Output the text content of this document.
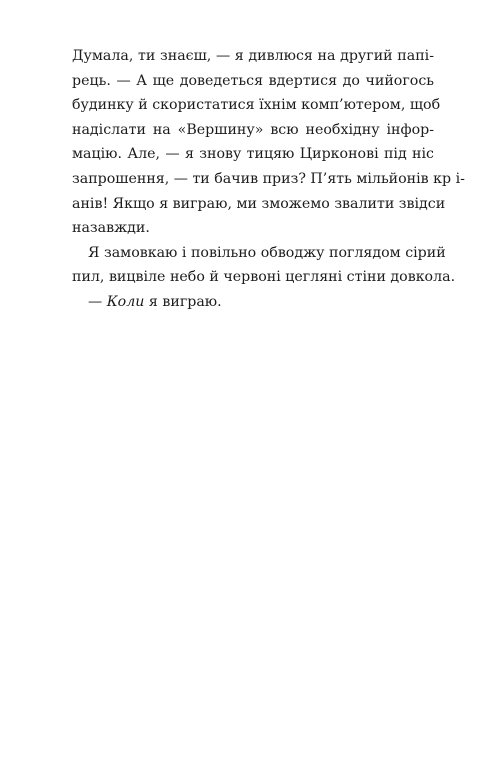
Думала, ти знаєш, — я дивлюся на другий папі-
рець. — А ще доведеться вдертися до чийогось
будинку й скористатися їхнім комп’ютером, щоб
надіслати на «Вершину» всю необхідну інфор-
мацію. Але, — я знову тицяю Цирконові під ніс
запрошення, — ти бачив приз? П’ять мільйонів кр і-
анів! Якщо я виграю, ми зможемо звалити звідси
назавжди.

Я замовкаю і повільно обводжу поглядом сірий
пил, вицвіле небо й червоні цегляні стіни довкола.

— Коли я виграю.
